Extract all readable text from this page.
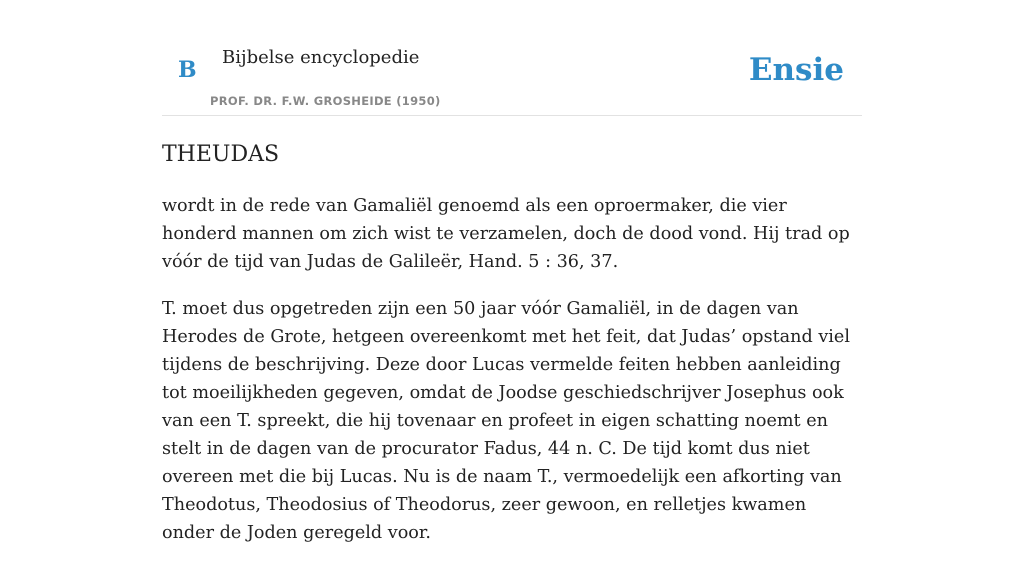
B Bijbelse encyclopedie
PROF. DR. F.W. GROSHEIDE (1950)
Ensie
THEUDAS

wordt in de rede van Gamaliël genoemd als een oproermaker, die vier honderd mannen om zich wist te verzamelen, doch de dood vond. Hij trad op vóór de tijd van Judas de Galileër, Hand. 5 : 36, 37.

T. moet dus opgetreden zijn een 50 jaar vóór Gamaliël, in de dagen van Herodes de Grote, hetgeen overeenkomt met het feit, dat Judas’ opstand viel tijdens de beschrijving. Deze door Lucas vermelde feiten hebben aanleiding tot moeilijkheden gegeven, omdat de Joodse geschiedschrijver Josephus ook van een T. spreekt, die hij tovenaar en profeet in eigen schatting noemt en stelt in de dagen van de procurator Fadus, 44 n. C. De tijd komt dus niet overeen met die bij Lucas. Nu is de naam T., vermoedelijk een afkorting van Theodotus, Theodosius of Theodorus, zeer gewoon, en relletjes kwamen onder de Joden geregeld voor.
